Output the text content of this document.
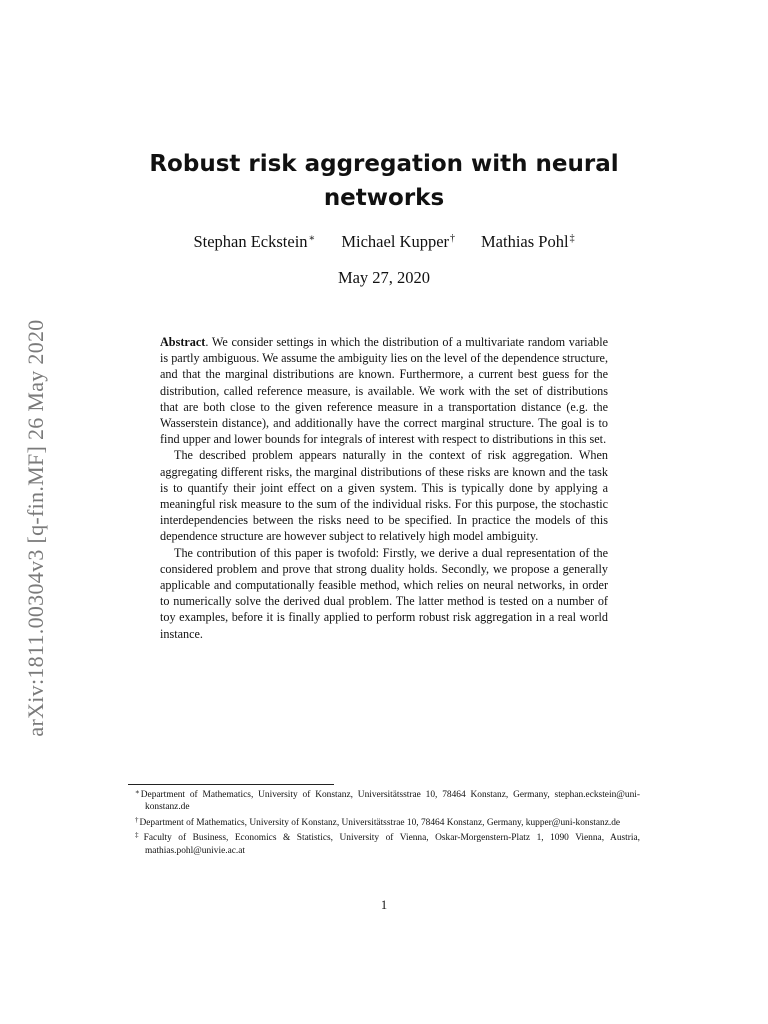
arXiv:1811.00304v3 [q-fin.MF] 26 May 2020
Robust risk aggregation with neural networks
Stephan Eckstein∗ Michael Kupper† Mathias Pohl‡
May 27, 2020

Abstract. We consider settings in which the distribution of a multivariate random variable is partly ambiguous. We assume the ambiguity lies on the level of the dependence structure, and that the marginal distributions are known. Furthermore, a current best guess for the distribution, called reference measure, is available. We work with the set of distributions that are both close to the given reference measure in a transportation distance (e.g. the Wasserstein distance), and additionally have the correct marginal structure. The goal is to find upper and lower bounds for integrals of interest with respect to distributions in this set.

The described problem appears naturally in the context of risk aggregation. When aggregating different risks, the marginal distributions of these risks are known and the task is to quantify their joint effect on a given system. This is typically done by applying a meaningful risk measure to the sum of the individual risks. For this purpose, the stochastic interdependencies between the risks need to be specified. In practice the models of this dependence structure are however subject to relatively high model ambiguity.

The contribution of this paper is twofold: Firstly, we derive a dual representation of the considered problem and prove that strong duality holds. Secondly, we propose a generally applicable and computationally feasible method, which relies on neural networks, in order to numerically solve the derived dual problem. The latter method is tested on a number of toy examples, before it is finally applied to perform robust risk aggregation in a real world instance.

∗Department of Mathematics, University of Konstanz, Universitätsstrae 10, 78464 Konstanz, Germany, stephan.eckstein@uni-konstanz.de

†Department of Mathematics, University of Konstanz, Universitätsstrae 10, 78464 Konstanz, Germany, kupper@uni-konstanz.de

‡Faculty of Business, Economics & Statistics, University of Vienna, Oskar-Morgenstern-Platz 1, 1090 Vienna, Austria, mathias.pohl@univie.ac.at

1
